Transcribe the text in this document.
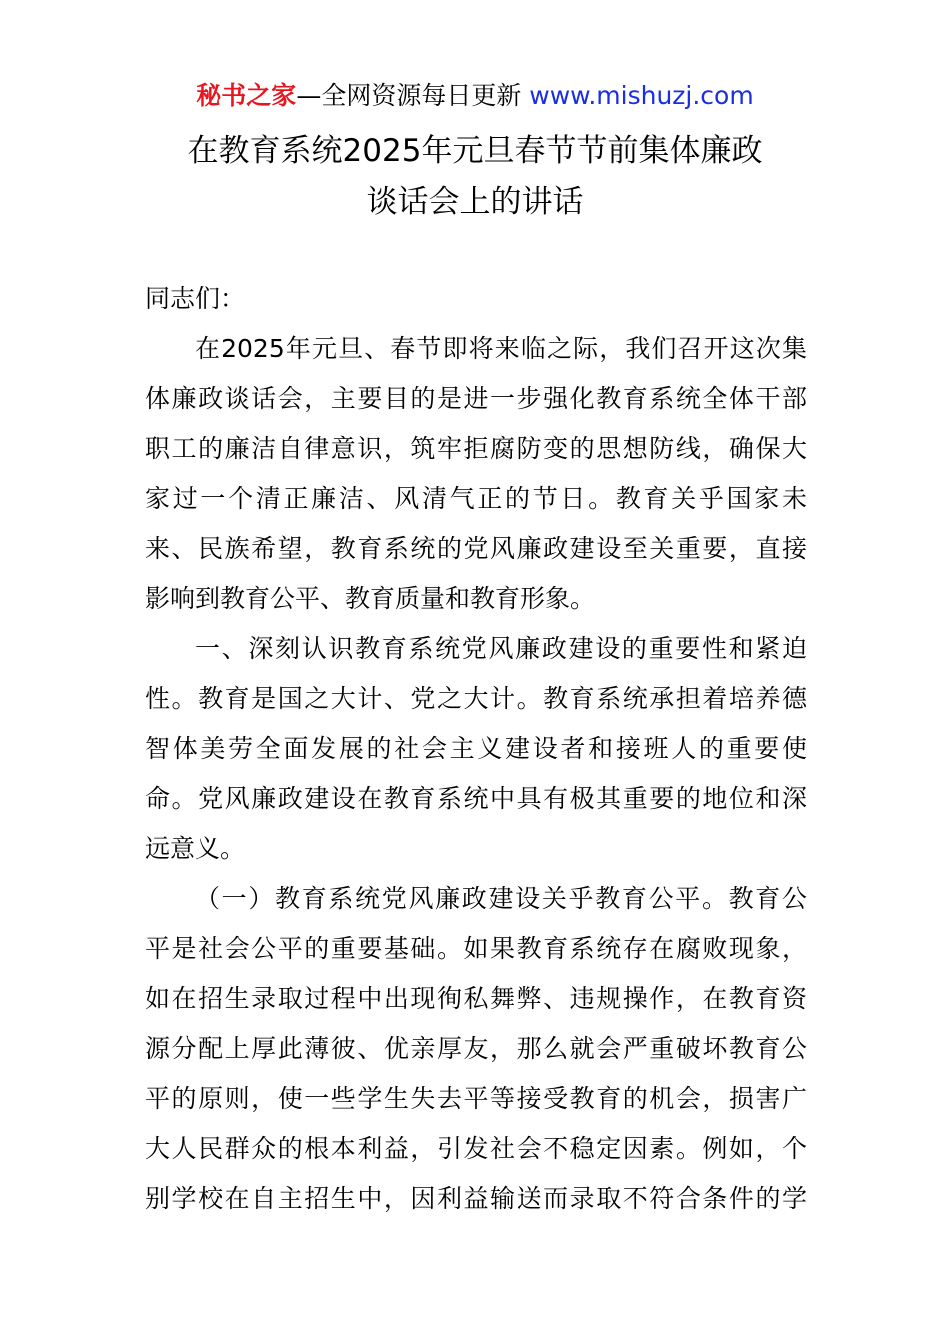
秘书之家—全网资源每日更新 www.mishuzj.com
在教育系统2025年元旦春节节前集体廉政
谈话会上的讲话
同志们：
在2025年元旦、春节即将来临之际，我们召开这次集
体廉政谈话会，主要目的是进一步强化教育系统全体干部
职工的廉洁自律意识，筑牢拒腐防变的思想防线，确保大
家过一个清正廉洁、风清气正的节日。教育关乎国家未
来、民族希望，教育系统的党风廉政建设至关重要，直接
影响到教育公平、教育质量和教育形象。
一、深刻认识教育系统党风廉政建设的重要性和紧迫
性。教育是国之大计、党之大计。教育系统承担着培养德
智体美劳全面发展的社会主义建设者和接班人的重要使
命。党风廉政建设在教育系统中具有极其重要的地位和深
远意义。
（一）教育系统党风廉政建设关乎教育公平。教育公
平是社会公平的重要基础。如果教育系统存在腐败现象，
如在招生录取过程中出现徇私舞弊、违规操作，在教育资
源分配上厚此薄彼、优亲厚友，那么就会严重破坏教育公
平的原则，使一些学生失去平等接受教育的机会，损害广
大人民群众的根本利益，引发社会不稳定因素。例如，个
别学校在自主招生中，因利益输送而录取不符合条件的学
